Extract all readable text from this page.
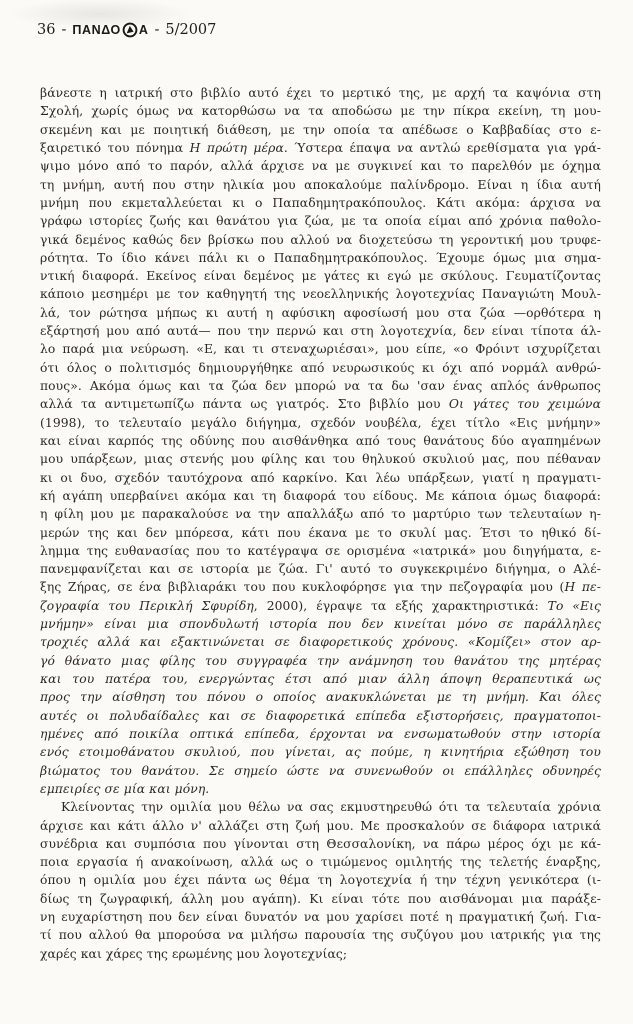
36 - ΠΑΝΔΟ Α - 5/2007
βάνεστε η ιατρική στο βιβλίο αυτό έχει το μερτικό της, με αρχή τα καψόνια στη
Σχολή, χωρίς όμως να κατορθώσω να τα αποδώσω με την πίκρα εκείνη, τη μου-
σκεμένη και με ποιητική διάθεση, με την οποία τα απέδωσε ο Καββαδίας στο ε-
ξαιρετικό του πόνημα Η πρώτη μέρα. Ύστερα έπαψα να αντλώ ερεθίσματα για γρά-
ψιμο μόνο από το παρόν, αλλά άρχισε να με συγκινεί και το παρελθόν με όχημα
τη μνήμη, αυτή που στην ηλικία μου αποκαλούμε παλίνδρομο. Είναι η ίδια αυτή
μνήμη που εκμεταλλεύεται κι ο Παπαδημητρακόπουλος. Κάτι ακόμα: άρχισα να
γράφω ιστορίες ζωής και θανάτου για ζώα, με τα οποία είμαι από χρόνια παθολο-
γικά δεμένος καθώς δεν βρίσκω που αλλού να διοχετεύσω τη γεροντική μου τρυφε-
ρότητα. Το ίδιο κάνει πάλι κι ο Παπαδημητρακόπουλος. Έχουμε όμως μια σημα-
ντική διαφορά. Εκείνος είναι δεμένος με γάτες κι εγώ με σκύλους. Γευματίζοντας
κάποιο μεσημέρι με τον καθηγητή της νεοελληνικής λογοτεχνίας Παναγιώτη Μουλ-
λά, τον ρώτησα μήπως κι αυτή η αφύσικη αφοσίωσή μου στα ζώα —ορθότερα η
εξάρτησή μου από αυτά— που την περνώ και στη λογοτεχνία, δεν είναι τίποτα άλ-
λο παρά μια νεύρωση. «Ε, και τι στεναχωριέσαι», μου είπε, «ο Φρόιντ ισχυρίζεται
ότι όλος ο πολιτισμός δημιουργήθηκε από νευρωσικούς κι όχι από νορμάλ ανθρώ-
πους». Ακόμα όμως και τα ζώα δεν μπορώ να τα δω 'σαν ένας απλός άνθρωπος
αλλά τα αντιμετωπίζω πάντα ως γιατρός. Στο βιβλίο μου Οι γάτες του χειμώνα
(1998), το τελευταίο μεγάλο διήγημα, σχεδόν νουβέλα, έχει τίτλο «Εις μνήμην»
και είναι καρπός της οδύνης που αισθάνθηκα από τους θανάτους δύο αγαπημένων
μου υπάρξεων, μιας στενής μου φίλης και του θηλυκού σκυλιού μας, που πέθαναν
κι οι δυο, σχεδόν ταυτόχρονα από καρκίνο. Και λέω υπάρξεων, γιατί η πραγματι-
κή αγάπη υπερβαίνει ακόμα και τη διαφορά του είδους. Με κάποια όμως διαφορά:
η φίλη μου με παρακαλούσε να την απαλλάξω από το μαρτύριο των τελευταίων η-
μερών της και δεν μπόρεσα, κάτι που έκανα με το σκυλί μας. Έτσι το ηθικό δί-
λημμα της ευθανασίας που το κατέγραψα σε ορισμένα «ιατρικά» μου διηγήματα, ε-
πανεμφανίζεται και σε ιστορία με ζώα. Γι' αυτό το συγκεκριμένο διήγημα, ο Αλέ-
ξης Ζήρας, σε ένα βιβλιαράκι του που κυκλοφόρησε για την πεζογραφία μου (Η πε-
ζογραφία του Περικλή Σφυρίδη, 2000), έγραψε τα εξής χαρακτηριστικά: Το «Εις
μνήμην» είναι μια σπονδυλωτή ιστορία που δεν κινείται μόνο σε παράλληλες
τροχιές αλλά και εξακτινώνεται σε διαφορετικούς χρόνους. «Κομίζει» στον αρ-
γό θάνατο μιας φίλης του συγγραφέα την ανάμνηση του θανάτου της μητέρας
και του πατέρα του, ενεργώντας έτσι από μιαν άλλη άποψη θεραπευτικά ως
προς την αίσθηση του πόνου ο οποίος ανακυκλώνεται με τη μνήμη. Και όλες
αυτές οι πολυδαίδαλες και σε διαφορετικά επίπεδα εξιστορήσεις, πραγματοποι-
ημένες από ποικίλα οπτικά επίπεδα, έρχονται να ενσωματωθούν στην ιστορία
ενός ετοιμοθάνατου σκυλιού, που γίνεται, ας πούμε, η κινητήρια εξώθηση του
βιώματος του θανάτου. Σε σημείο ώστε να συνενωθούν οι επάλληλες οδυνηρές
εμπειρίες σε μία και μόνη.
Κλείνοντας την ομιλία μου θέλω να σας εκμυστηρευθώ ότι τα τελευταία χρόνια
άρχισε και κάτι άλλο ν' αλλάζει στη ζωή μου. Με προσκαλούν σε διάφορα ιατρικά
συνέδρια και συμπόσια που γίνονται στη Θεσσαλονίκη, να πάρω μέρος όχι με κά-
ποια εργασία ή ανακοίνωση, αλλά ως ο τιμώμενος ομιλητής της τελετής έναρξης,
όπου η ομιλία μου έχει πάντα ως θέμα τη λογοτεχνία ή την τέχνη γενικότερα (ι-
δίως τη ζωγραφική, άλλη μου αγάπη). Κι είναι τότε που αισθάνομαι μια παράξε-
νη ευχαρίστηση που δεν είναι δυνατόν να μου χαρίσει ποτέ η πραγματική ζωή. Για-
τί που αλλού θα μπορούσα να μιλήσω παρουσία της συζύγου μου ιατρικής για της
χαρές και χάρες της ερωμένης μου λογοτεχνίας;
